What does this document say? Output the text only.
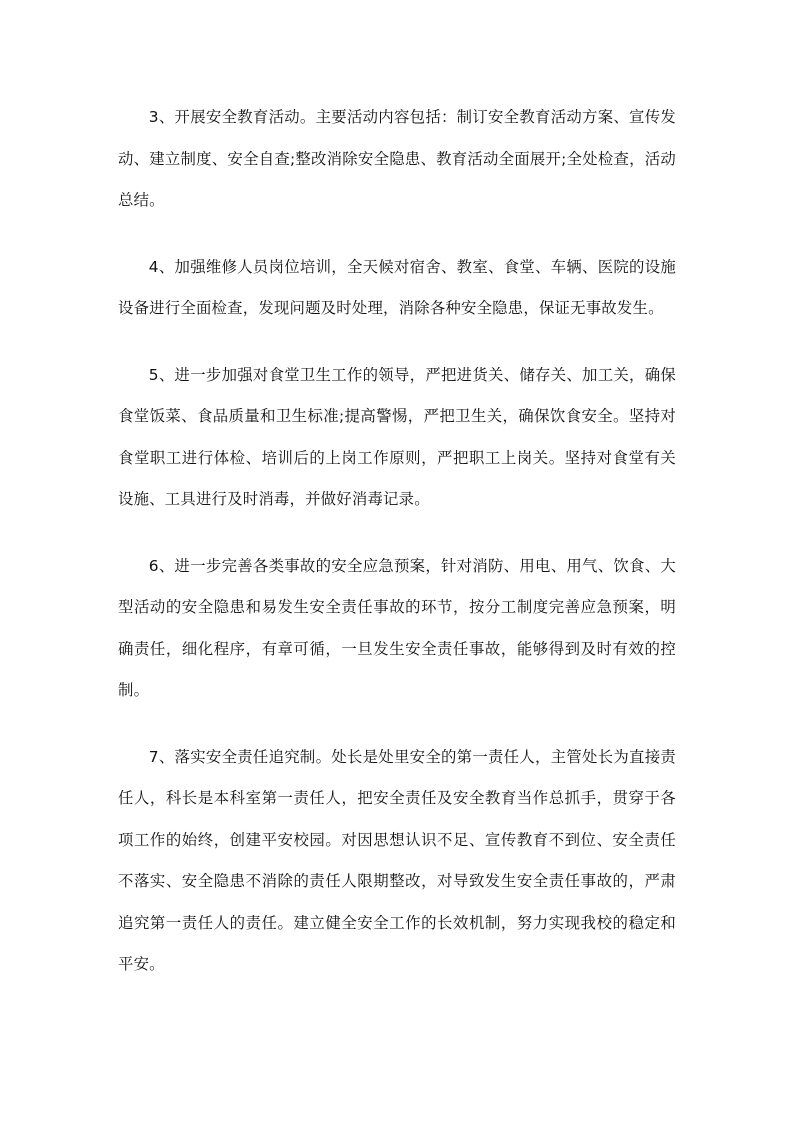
3、开展安全教育活动。主要活动内容包括：制订安全教育活动方案、宣传发动、建立制度、安全自查;整改消除安全隐患、教育活动全面展开;全处检查，活动总结。

4、加强维修人员岗位培训，全天候对宿舍、教室、食堂、车辆、医院的设施设备进行全面检查，发现问题及时处理，消除各种安全隐患，保证无事故发生。

5、进一步加强对食堂卫生工作的领导，严把进货关、储存关、加工关，确保食堂饭菜、食品质量和卫生标准;提高警惕，严把卫生关，确保饮食安全。坚持对食堂职工进行体检、培训后的上岗工作原则，严把职工上岗关。坚持对食堂有关设施、工具进行及时消毒，并做好消毒记录。

6、进一步完善各类事故的安全应急预案，针对消防、用电、用气、饮食、大型活动的安全隐患和易发生安全责任事故的环节，按分工制度完善应急预案，明确责任，细化程序，有章可循，一旦发生安全责任事故，能够得到及时有效的控制。

7、落实安全责任追究制。处长是处里安全的第一责任人，主管处长为直接责任人，科长是本科室第一责任人，把安全责任及安全教育当作总抓手，贯穿于各项工作的始终，创建平安校园。对因思想认识不足、宣传教育不到位、安全责任不落实、安全隐患不消除的责任人限期整改，对导致发生安全责任事故的，严肃追究第一责任人的责任。建立健全安全工作的长效机制，努力实现我校的稳定和平安。
